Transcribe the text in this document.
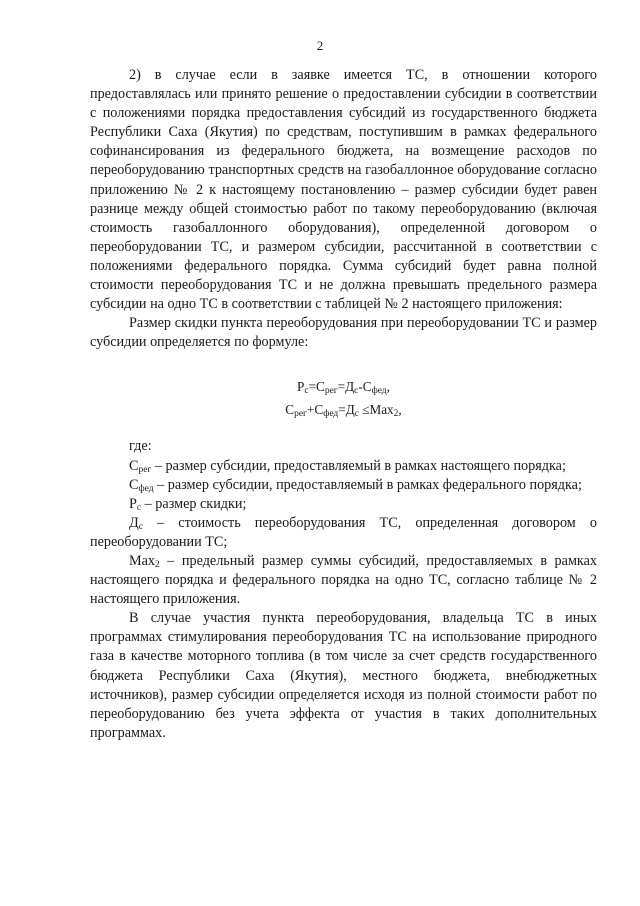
2

2) в случае если в заявке имеется ТС, в отношении которого предоставлялась или принято решение о предоставлении субсидии в соответствии с положениями порядка предоставления субсидий из государственного бюджета Республики Саха (Якутия) по средствам, поступившим в рамках федерального софинансирования из федерального бюджета, на возмещение расходов по переоборудованию транспортных средств на газобаллонное оборудование согласно приложению № 2 к настоящему постановлению – размер субсидии будет равен разнице между общей стоимостью работ по такому переоборудованию (включая стоимость газобаллонного оборудования), определенной договором о переоборудовании ТС, и размером субсидии, рассчитанной в соответствии с положениями федерального порядка. Сумма субсидий будет равна полной стоимости переоборудования ТС и не должна превышать предельного размера субсидии на одно ТС в соответствии с таблицей № 2 настоящего приложения:

Размер скидки пункта переоборудования при переоборудовании ТС и размер субсидии определяется по формуле:

$Р_с=С_{рег}=Д_с-С_{фед}$,
$С_{рег}+С_{фед}=Д_с \le Max_2$,

где:

$С_{рег}$ – размер субсидии, предоставляемый в рамках настоящего порядка;

$С_{фед}$ – размер субсидии, предоставляемый в рамках федерального порядка;

$Р_с$ – размер скидки;

$Д_с$ – стоимость переоборудования ТС, определенная договором о переоборудовании ТС;

Max$_2$ – предельный размер суммы субсидий, предоставляемых в рамках настоящего порядка и федерального порядка на одно ТС, согласно таблице № 2 настоящего приложения.

В случае участия пункта переоборудования, владельца ТС в иных программах стимулирования переоборудования ТС на использование природного газа в качестве моторного топлива (в том числе за счет средств государственного бюджета Республики Саха (Якутия), местного бюджета, внебюджетных источников), размер субсидии определяется исходя из полной стоимости работ по переоборудованию без учета эффекта от участия в таких дополнительных программах.
